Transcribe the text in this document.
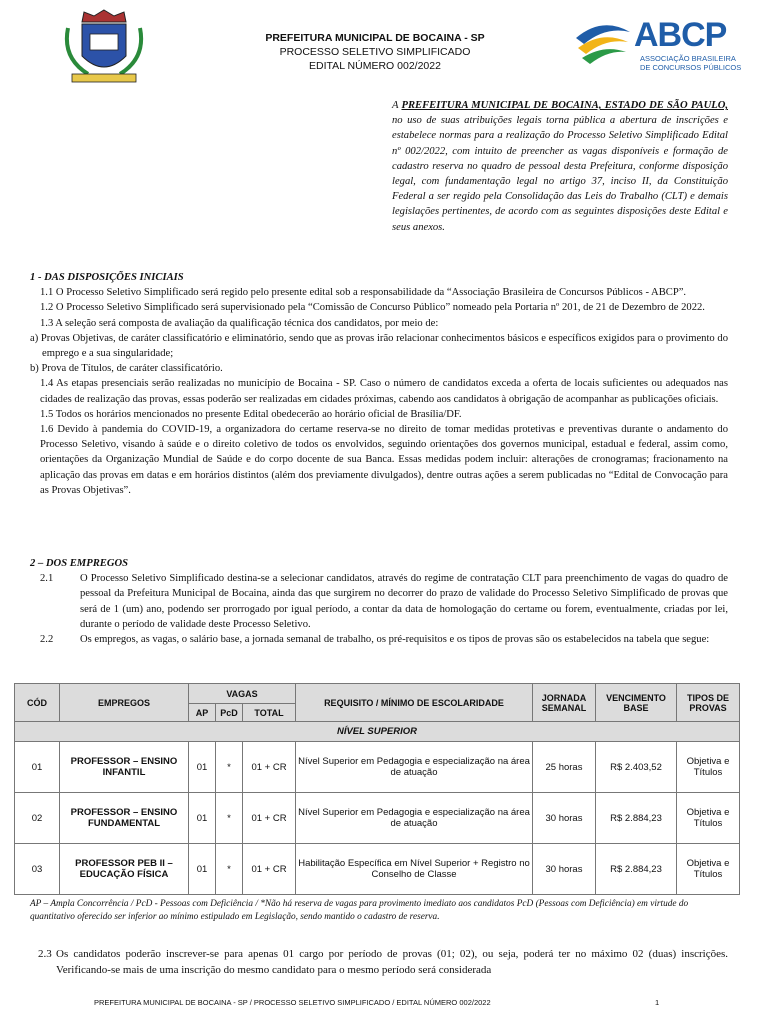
PREFEITURA MUNICIPAL DE BOCAINA - SP
PROCESSO SELETIVO SIMPLIFICADO
EDITAL NÚMERO 002/2022
ABCP
ASSOCIAÇÃO BRASILEIRA
DE CONCURSOS PÚBLICOS
A PREFEITURA MUNICIPAL DE BOCAINA, ESTADO DE SÃO PAULO, no uso de suas atribuições legais torna pública a abertura de inscrições e estabelece normas para a realização do Processo Seletivo Simplificado Edital nº 002/2022, com intuito de preencher as vagas disponíveis e formação de cadastro reserva no quadro de pessoal desta Prefeitura, conforme disposição legal, com fundamentação legal no artigo 37, inciso II, da Constituição Federal a ser regido pela Consolidação das Leis do Trabalho (CLT) e demais legislações pertinentes, de acordo com as seguintes disposições deste Edital e seus anexos.

1 - DAS DISPOSIÇÕES INICIAIS

1.1 O Processo Seletivo Simplificado será regido pelo presente edital sob a responsabilidade da “Associação Brasileira de Concursos Públicos - ABCP”.

1.2 O Processo Seletivo Simplificado será supervisionado pela “Comissão de Concurso Público” nomeado pela Portaria nº 201, de 21 de Dezembro de 2022.

1.3 A seleção será composta de avaliação da qualificação técnica dos candidatos, por meio de:

a) Provas Objetivas, de caráter classificatório e eliminatório, sendo que as provas irão relacionar conhecimentos básicos e específicos exigidos para o provimento do emprego e a sua singularidade;

b) Prova de Títulos, de caráter classificatório.

1.4 As etapas presenciais serão realizadas no município de Bocaina - SP. Caso o número de candidatos exceda a oferta de locais suficientes ou adequados nas cidades de realização das provas, essas poderão ser realizadas em cidades próximas, cabendo aos candidatos à obrigação de acompanhar as publicações oficiais.

1.5 Todos os horários mencionados no presente Edital obedecerão ao horário oficial de Brasília/DF.

1.6 Devido à pandemia do COVID-19, a organizadora do certame reserva-se no direito de tomar medidas protetivas e preventivas durante o andamento do Processo Seletivo, visando à saúde e o direito coletivo de todos os envolvidos, seguindo orientações dos governos municipal, estadual e federal, assim como, orientações da Organização Mundial de Saúde e do corpo docente de sua Banca. Essas medidas podem incluir: alterações de cronogramas; fracionamento na aplicação das provas em datas e em horários distintos (além dos previamente divulgados), dentre outras ações a serem publicadas no “Edital de Convocação para as Provas Objetivas”.

2 – DOS EMPREGOS

2.1	O Processo Seletivo Simplificado destina-se a selecionar candidatos, através do regime de contratação CLT para preenchimento de vagas do quadro de pessoal da Prefeitura Municipal de Bocaina, ainda das que surgirem no decorrer do prazo de validade do Processo Seletivo Simplificado de provas que será de 1 (um) ano, podendo ser prorrogado por igual período, a contar da data de homologação do certame ou forem, eventualmente, criadas por lei, durante o período de validade deste Processo Seletivo.

2.2	Os empregos, as vagas, o salário base, a jornada semanal de trabalho, os pré-requisitos e os tipos de provas são os estabelecidos na tabela que segue:

CÓD	EMPREGOS	VAGAS			REQUISITO / MÍNIMO DE ESCOLARIDADE	JORNADA SEMANAL	VENCIMENTO BASE	TIPOS DE PROVAS
		AP	PcD	TOTAL				
NÍVEL SUPERIOR								
01	PROFESSOR – ENSINO INFANTIL	01	*	01 + CR	Nível Superior em Pedagogia e especialização na área de atuação	25 horas	R$ 2.403,52	Objetiva e Títulos
02	PROFESSOR – ENSINO FUNDAMENTAL	01	*	01 + CR	Nível Superior em Pedagogia e especialização na área de atuação	30 horas	R$ 2.884,23	Objetiva e Títulos
03	PROFESSOR PEB II – EDUCAÇÃO FÍSICA	01	*	01 + CR	Habilitação Específica em Nível Superior + Registro no Conselho de Classe	30 horas	R$ 2.884,23	Objetiva e Títulos
AP – Ampla Concorrência / PcD - Pessoas com Deficiência / *Não há reserva de vagas para provimento imediato aos candidatos PcD (Pessoas com Deficiência) em virtude do quantitativo oferecido ser inferior ao mínimo estipulado em Legislação, sendo mantido o cadastro de reserva.
2.3 Os candidatos poderão inscrever-se para apenas 01 cargo por período de provas (01; 02), ou seja, poderá ter no máximo 02 (duas) inscrições. Verificando-se mais de uma inscrição do mesmo candidato para o mesmo período será considerada
PREFEITURA MUNICIPAL DE BOCAINA - SP / PROCESSO SELETIVO SIMPLIFICADO / EDITAL NÚMERO 002/2022	1
